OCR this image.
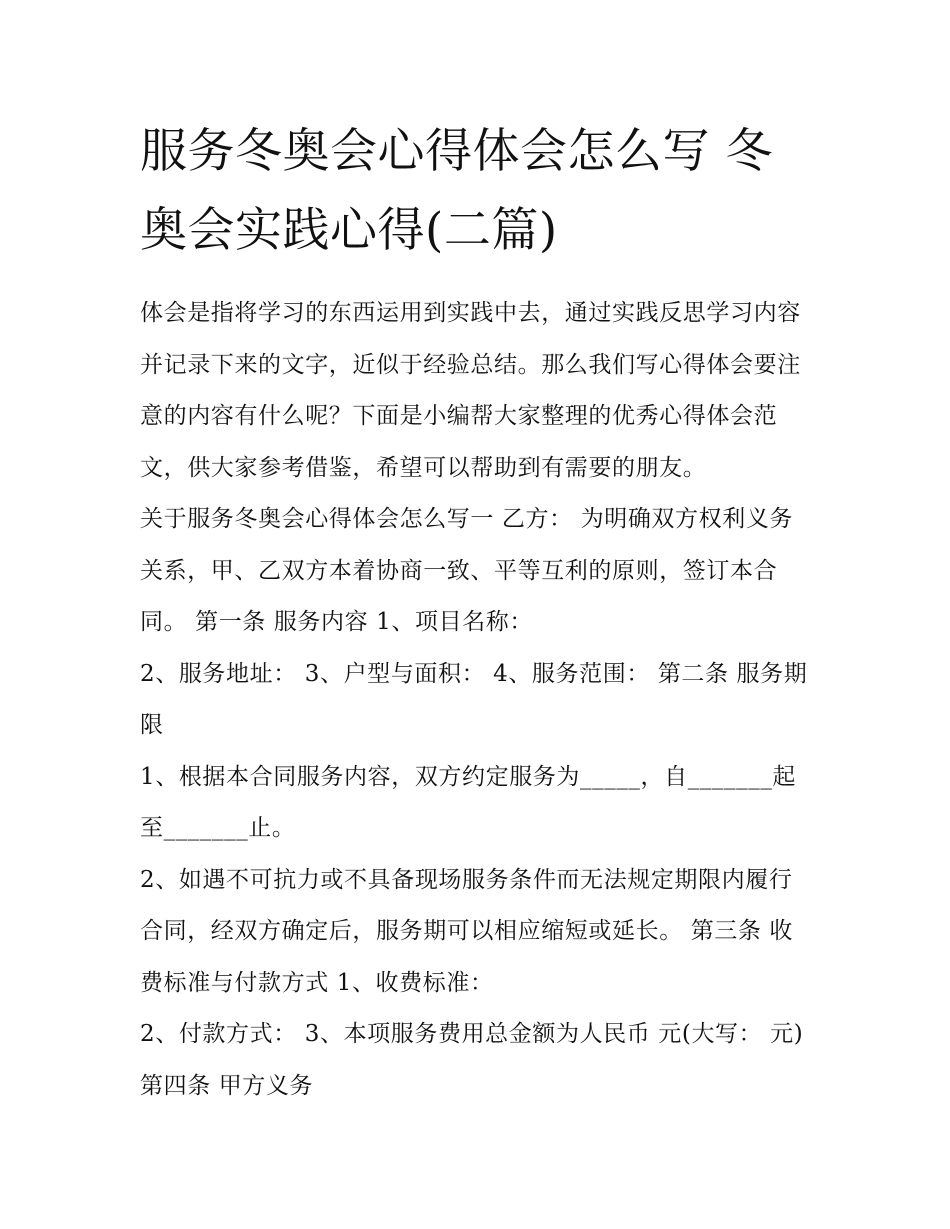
服务冬奥会心得体会怎么写 冬奥会实践心得(二篇)

体会是指将学习的东西运用到实践中去，通过实践反思学习内容并记录下来的文字，近似于经验总结。那么我们写心得体会要注意的内容有什么呢？下面是小编帮大家整理的优秀心得体会范文，供大家参考借鉴，希望可以帮助到有需要的朋友。

关于服务冬奥会心得体会怎么写一 乙方： 为明确双方权利义务关系，甲、乙双方本着协商一致、平等互利的原则，签订本合同。 第一条 服务内容 1、项目名称：

2、服务地址： 3、户型与面积： 4、服务范围： 第二条 服务期限

1、根据本合同服务内容，双方约定服务为_____，自_______起至_______止。

2、如遇不可抗力或不具备现场服务条件而无法规定期限内履行合同，经双方确定后，服务期可以相应缩短或延长。 第三条 收费标准与付款方式 1、收费标准：

2、付款方式： 3、本项服务费用总金额为人民币 元(大写： 元) 第四条 甲方义务
